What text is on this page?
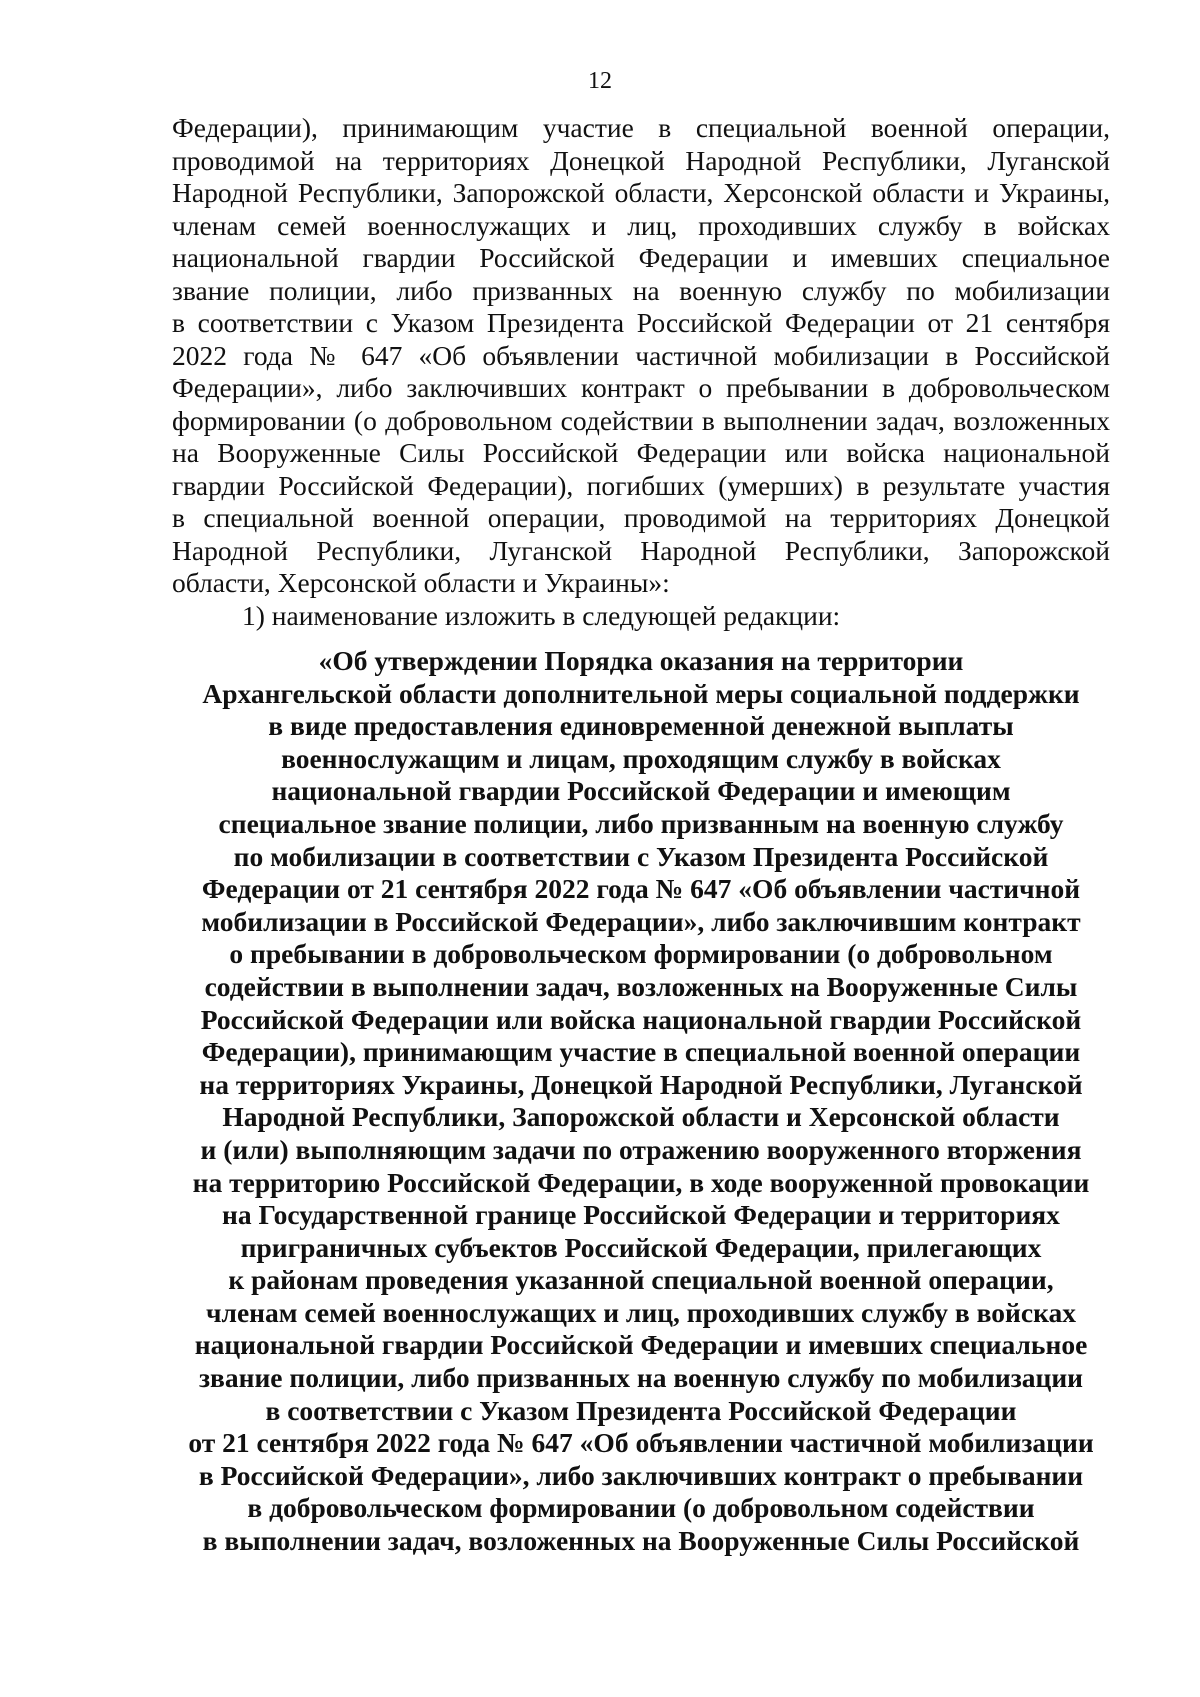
12
Федерации), принимающим участие в специальной военной операции,
проводимой на территориях Донецкой Народной Республики, Луганской
Народной Республики, Запорожской области, Херсонской области и Украины,
членам семей военнослужащих и лиц, проходивших службу в войсках
национальной гвардии Российской Федерации и имевших специальное
звание полиции, либо призванных на военную службу по мобилизации
в соответствии с Указом Президента Российской Федерации от 21 сентября
2022 года № 647 «Об объявлении частичной мобилизации в Российской
Федерации», либо заключивших контракт о пребывании в добровольческом
формировании (о добровольном содействии в выполнении задач, возложенных
на Вооруженные Силы Российской Федерации или войска национальной
гвардии Российской Федерации), погибших (умерших) в результате участия
в специальной военной операции, проводимой на территориях Донецкой
Народной Республики, Луганской Народной Республики, Запорожской
области, Херсонской области и Украины»:
1) наименование изложить в следующей редакции:
«Об утверждении Порядка оказания на территории
Архангельской области дополнительной меры социальной поддержки
в виде предоставления единовременной денежной выплаты
военнослужащим и лицам, проходящим службу в войсках
национальной гвардии Российской Федерации и имеющим
специальное звание полиции, либо призванным на военную службу
по мобилизации в соответствии с Указом Президента Российской
Федерации от 21 сентября 2022 года № 647 «Об объявлении частичной
мобилизации в Российской Федерации», либо заключившим контракт
о пребывании в добровольческом формировании (о добровольном
содействии в выполнении задач, возложенных на Вооруженные Силы
Российской Федерации или войска национальной гвардии Российской
Федерации), принимающим участие в специальной военной операции
на территориях Украины, Донецкой Народной Республики, Луганской
Народной Республики, Запорожской области и Херсонской области
и (или) выполняющим задачи по отражению вооруженного вторжения
на территорию Российской Федерации, в ходе вооруженной провокации
на Государственной границе Российской Федерации и территориях
приграничных субъектов Российской Федерации, прилегающих
к районам проведения указанной специальной военной операции,
членам семей военнослужащих и лиц, проходивших службу в войсках
национальной гвардии Российской Федерации и имевших специальное
звание полиции, либо призванных на военную службу по мобилизации
в соответствии с Указом Президента Российской Федерации
от 21 сентября 2022 года № 647 «Об объявлении частичной мобилизации
в Российской Федерации», либо заключивших контракт о пребывании
в добровольческом формировании (о добровольном содействии
в выполнении задач, возложенных на Вооруженные Силы Российской
